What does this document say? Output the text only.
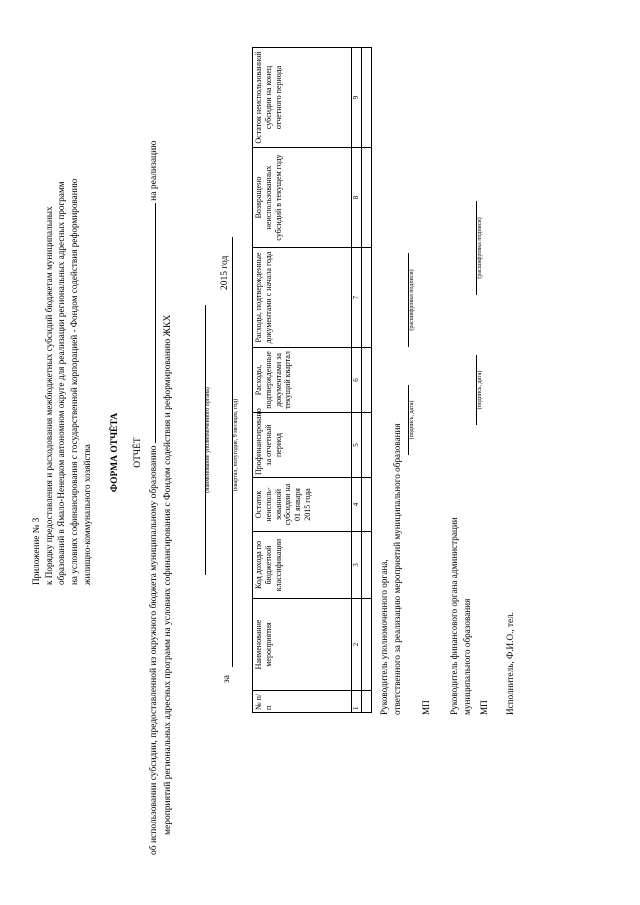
Приложение № 3 к Порядку предоставления и расходования межбюджетных субсидий бюджетам муниципальных образований в Ямало-Ненецком автономном округе для реализации региональных адресных программ на условиях софинансирования с государственной корпорацией - Фондом содействия реформированию жилищно-коммунального хозяйства ФОРМА ОТЧЁТА ОТЧЁТ об использовании субсидии, предоставленной из окружного бюджета муниципальному образованию  на реализацию
мероприятий региональных адресных программ на условиях софинансирования с Фондом содействия и реформированию ЖКХ	(наименование уполномоченного органа)
за
2015 год
(квартал, полугодие, 9 месяцев, год)
№ п/п	Наименование мероприятия	Код дохода по бюджетной классификации	Остаток неисполь-зованной субсидии на 01 января 2015 года	Профинансировано за отчетный период	Расходы, подтвержденные документами за текущий квартал	Расходы, подтвержденные документами с начала года	Возвращено неиспользованных субсидий в текущем году	Остаток неиспользованной субсидии на конец отчетного периода
1	2	3	4	5	6	7	8	9

Руководитель уполномоченного органа, ответственного за реализацию мероприятий муниципального образования
(подпись, дата)
(расшифровка подписи)
МП Руководитель финансового органа администрации муниципального образования
(подпись, дата)
(расшифровка подписи)
МП Исполнитель, Ф.И.О., тел.
